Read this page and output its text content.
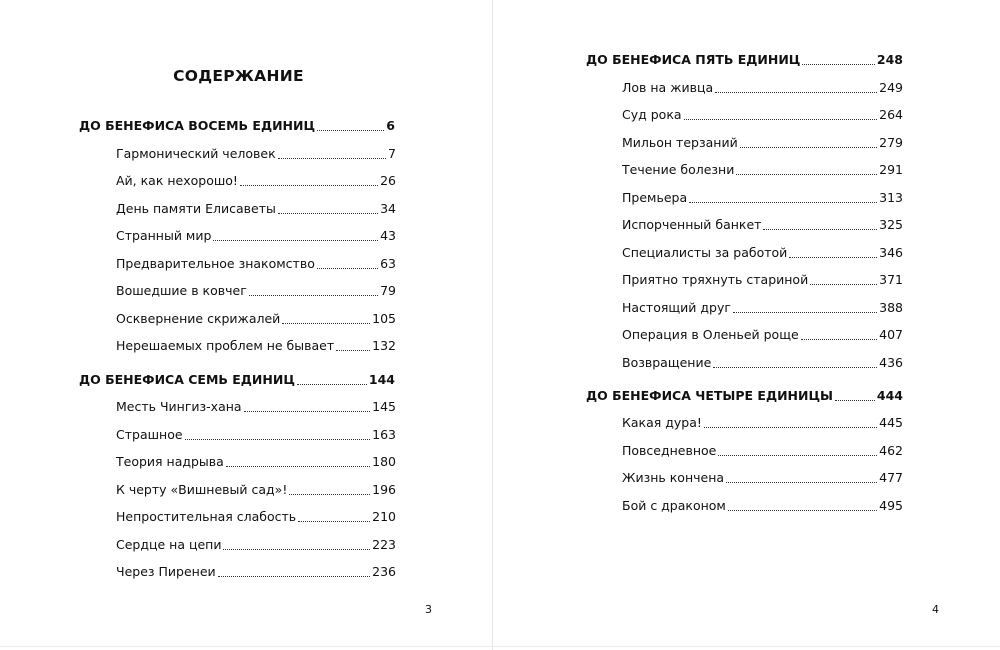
СОДЕРЖАНИЕ
ДО БЕНЕФИСА ВОСЕМЬ ЕДИНИЦ	6
Гармонический человек	7
Ай, как нехорошо!	26
День памяти Елисаветы	34
Странный мир	43
Предварительное знакомство	63
Вошедшие в ковчег	79
Осквернение скрижалей	105
Нерешаемых проблем не бывает	132
ДО БЕНЕФИСА СЕМЬ ЕДИНИЦ	144
Месть Чингиз-хана	145
Страшное	163
Теория надрыва	180
К черту «Вишневый сад»!	196
Непростительная слабость	210
Сердце на цепи	223
Через Пиренеи	236
3
ДО БЕНЕФИСА ПЯТЬ ЕДИНИЦ	248
Лов на живца	249
Суд рока	264
Мильон терзаний	279
Течение болезни	291
Премьера	313
Испорченный банкет	325
Специалисты за работой	346
Приятно тряхнуть стариной	371
Настоящий друг	388
Операция в Оленьей роще	407
Возвращение	436
ДО БЕНЕФИСА ЧЕТЫРЕ ЕДИНИЦЫ	444
Какая дура!	445
Повседневное	462
Жизнь кончена	477
Бой с драконом	495
4
